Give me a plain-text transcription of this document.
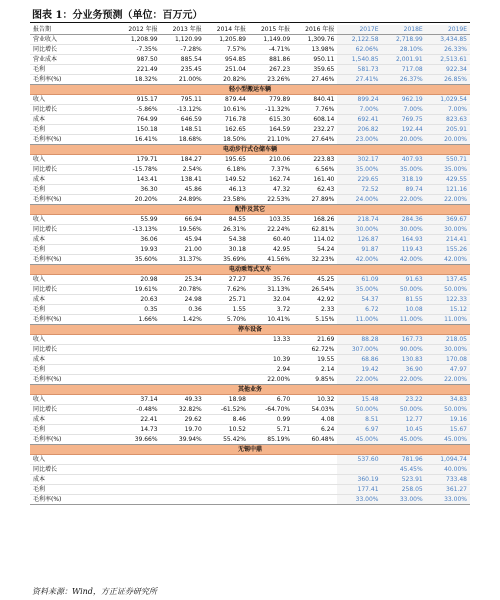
图表 1：分业务预测（单位：百万元）
报告期	2012 年报	2013 年报	2014 年报	2015 年报	2016 年报	2017E	2018E	2019E
营业收入	1,208.99	1,120.99	1,205.89	1,149.09	1,309.76	2,122.58	2,718.99	3,434.85
同比增长	-7.35%	-7.28%	7.57%	-4.71%	13.98%	62.06%	28.10%	26.33%
营业成本	987.50	885.54	954.85	881.86	950.11	1,540.85	2,001.91	2,513.61
毛利	221.49	235.45	251.04	267.23	359.65	581.73	717.08	922.34
毛利率(%)	18.32%	21.00%	20.82%	23.26%	27.46%	27.41%	26.37%	26.85%
轻小型搬运车辆								
收入	915.17	795.11	879.44	779.89	840.41	899.24	962.19	1,029.54
同比增长	-5.86%	-13.12%	10.61%	-11.32%	7.76%	7.00%	7.00%	7.00%
成本	764.99	646.59	716.78	615.30	608.14	692.41	769.75	823.63
毛利	150.18	148.51	162.65	164.59	232.27	206.82	192.44	205.91
毛利率(%)	16.41%	18.68%	18.50%	21.10%	27.64%	23.00%	20.00%	20.00%
电动步行式仓储车辆								
收入	179.71	184.27	195.65	210.06	223.83	302.17	407.93	550.71
同比增长	-15.78%	2.54%	6.18%	7.37%	6.56%	35.00%	35.00%	35.00%
成本	143.41	138.41	149.52	162.74	161.40	229.65	318.19	429.55
毛利	36.30	45.86	46.13	47.32	62.43	72.52	89.74	121.16
毛利率(%)	20.20%	24.89%	23.58%	22.53%	27.89%	24.00%	22.00%	22.00%
配件及其它								
收入	55.99	66.94	84.55	103.35	168.26	218.74	284.36	369.67
同比增长	-13.13%	19.56%	26.31%	22.24%	62.81%	30.00%	30.00%	30.00%
成本	36.06	45.94	54.38	60.40	114.02	126.87	164.93	214.41
毛利	19.93	21.00	30.18	42.95	54.24	91.87	119.43	155.26
毛利率(%)	35.60%	31.37%	35.69%	41.56%	32.23%	42.00%	42.00%	42.00%
电动乘驾式叉车								
收入	20.98	25.34	27.27	35.76	45.25	61.09	91.63	137.45
同比增长	19.61%	20.78%	7.62%	31.13%	26.54%	35.00%	50.00%	50.00%
成本	20.63	24.98	25.71	32.04	42.92	54.37	81.55	122.33
毛利	0.35	0.36	1.55	3.72	2.33	6.72	10.08	15.12
毛利率(%)	1.66%	1.42%	5.70%	10.41%	5.15%	11.00%	11.00%	11.00%
停车设备								
收入				13.33	21.69	88.28	167.73	218.05
同比增长					62.72%	307.00%	90.00%	30.00%
成本				10.39	19.55	68.86	130.83	170.08
毛利				2.94	2.14	19.42	36.90	47.97
毛利率(%)				22.00%	9.85%	22.00%	22.00%	22.00%
其他业务								
收入	37.14	49.33	18.98	6.70	10.32	15.48	23.22	34.83
同比增长	-0.48%	32.82%	-61.52%	-64.70%	54.03%	50.00%	50.00%	50.00%
成本	22.41	29.62	8.46	0.99	4.08	8.51	12.77	19.16
毛利	14.73	19.70	10.52	5.71	6.24	6.97	10.45	15.67
毛利率(%)	39.66%	39.94%	55.42%	85.19%	60.48%	45.00%	45.00%	45.00%
无锡中鼎								
收入						537.60	781.96	1,094.74
同比增长							45.45%	40.00%
成本						360.19	523.91	733.48
毛利						177.41	258.05	361.27
毛利率(%)						33.00%	33.00%	33.00%
资料来源：Wind，方正证券研究所
